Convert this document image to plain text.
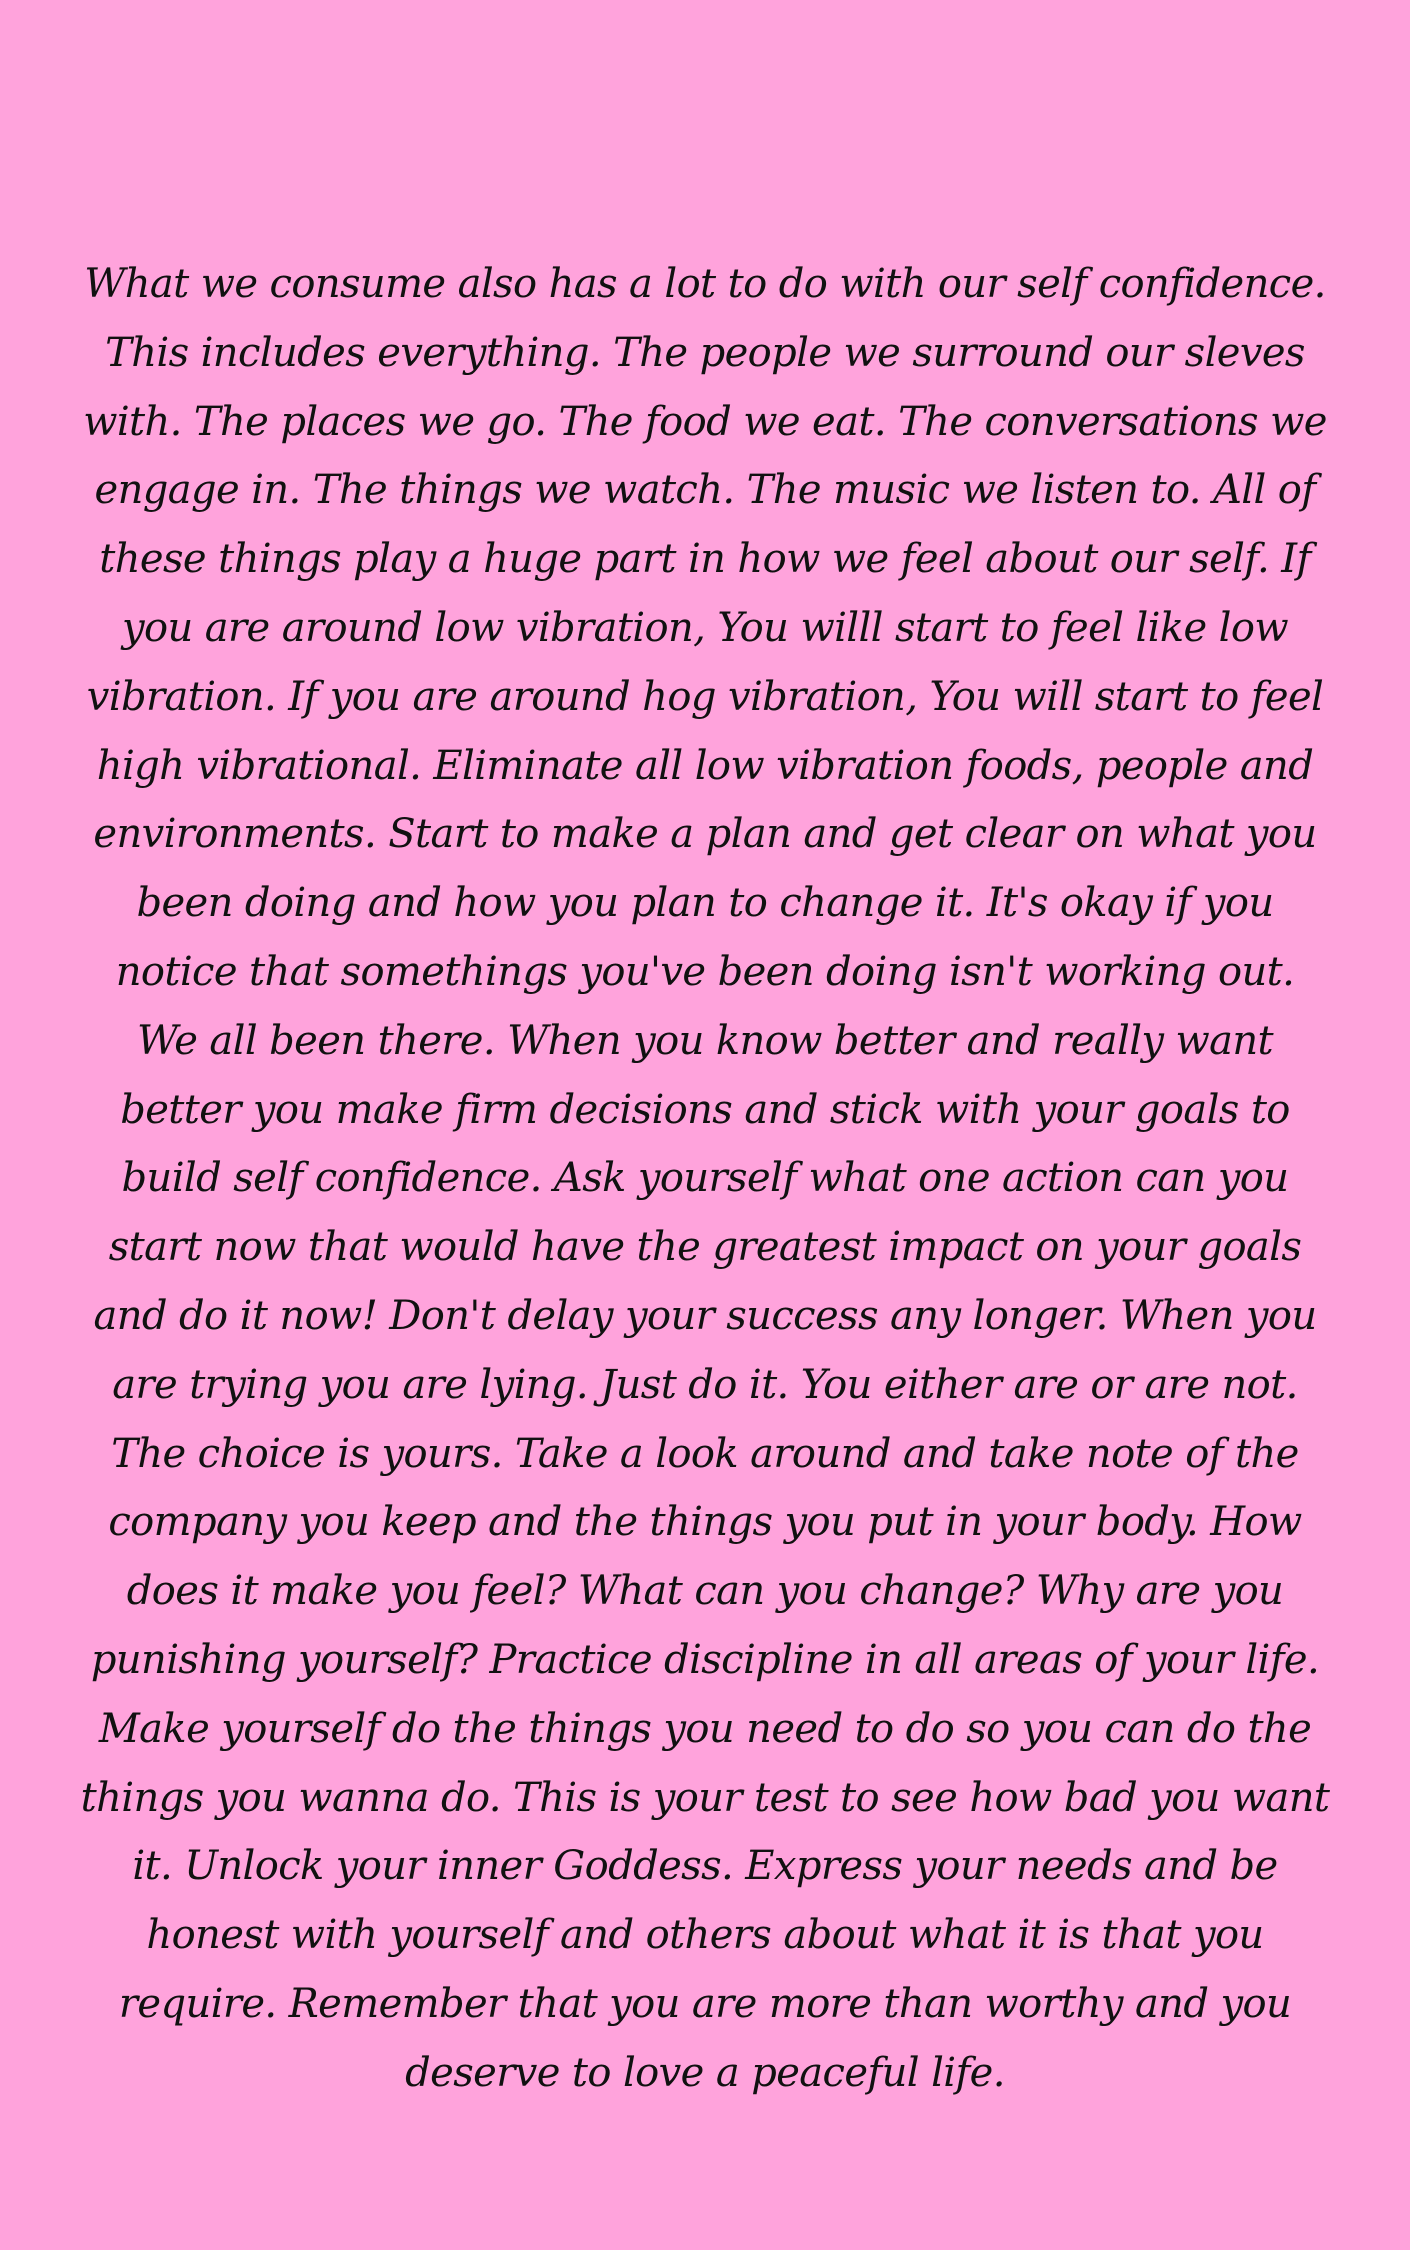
What we consume also has a lot to do with our self confidence. This includes everything. The people we surround our sleves with. The places we go. The food we eat. The conversations we engage in. The things we watch. The music we listen to. All of these things play a huge part in how we feel about our self. If you are around low vibration, You willl start to feel like low vibration. If you are around hog vibration, You will start to feel high vibrational. Eliminate all low vibration foods, people and environments. Start to make a plan and get clear on what you been doing and how you plan to change it. It's okay if you notice that somethings you've been doing isn't working out. We all been there. When you know better and really want better you make firm decisions and stick with your goals to build self confidence. Ask yourself what one action can you start now that would have the greatest impact on your goals and do it now! Don't delay your success any longer. When you are trying you are lying. Just do it. You either are or are not. The choice is yours. Take a look around and take note of the company you keep and the things you put in your body. How does it make you feel? What can you change? Why are you punishing yourself? Practice discipline in all areas of your life. Make yourself do the things you need to do so you can do the things you wanna do. This is your test to see how bad you want it. Unlock your inner Goddess. Express your needs and be honest with yourself and others about what it is that you require. Remember that you are more than worthy and you deserve to love a peaceful life.
